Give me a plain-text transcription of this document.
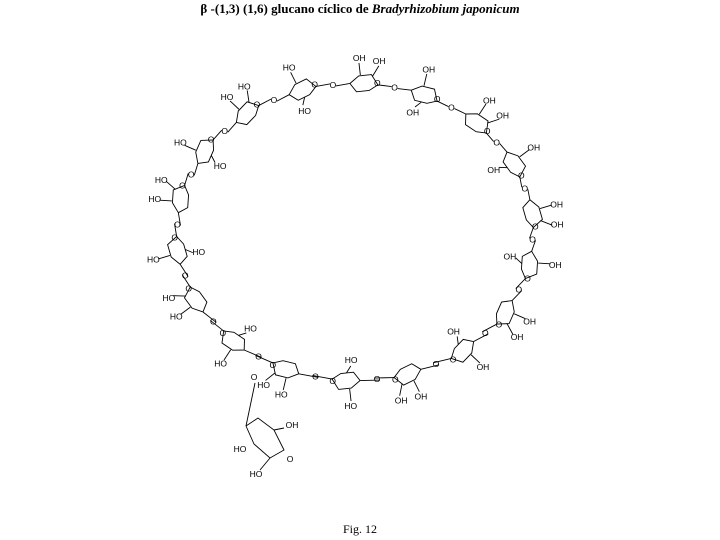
β -(1,3) (1,6) glucano cíclico de Bradyrhizobium japonicum
O
OH OH
O
O
OH
OH	O
O
OH
OH
O
O
OH
OH
O
O
OH
OH
O
O
OH
OH
O
O OH
OH
O
O
OH
OH
O
O
OH
OH
O
O
HO
HO
O
O
HO
HO
O
O
HO
HO
O
O
HO
HO
O
O
HO
HO
O
O
HO
HO
O
O
HO
HO
O
O
HO
HO
O
O
HO
HO
O
O
OH
HO
O
HO
Fig. 12
